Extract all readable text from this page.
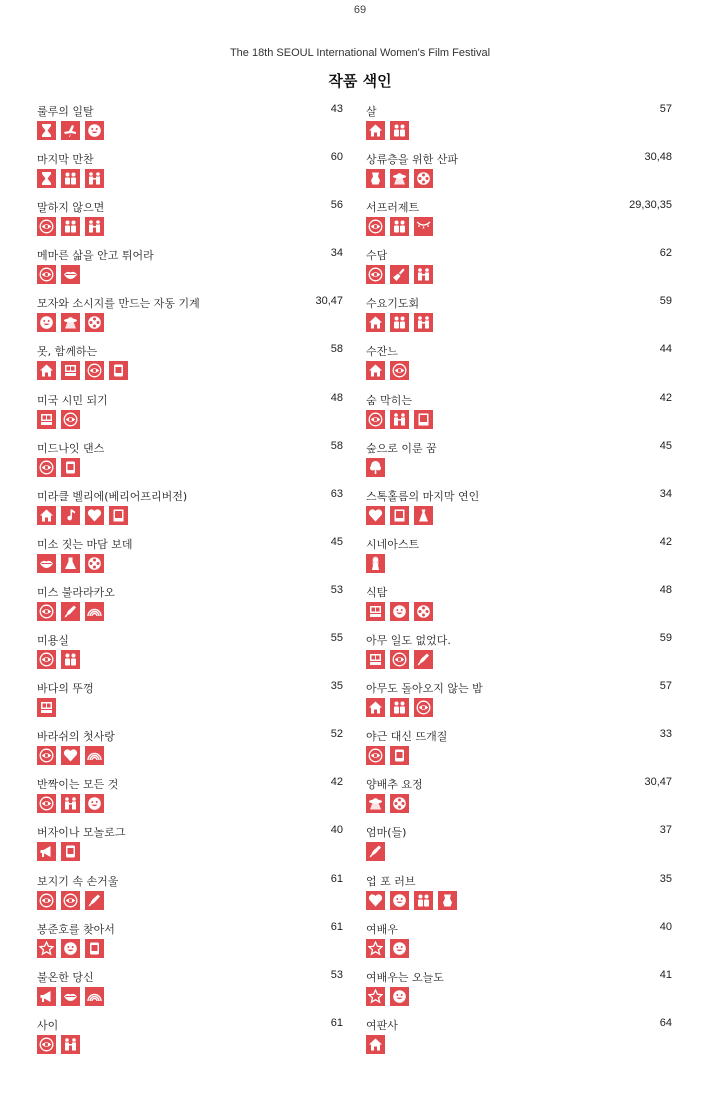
69
The 18th SEOUL International Women's Film Festival
작품 색인
룰루의 일탈	43
마지막 만찬	60
말하지 않으면	56
메마른 삶을 안고 튀어라	34
모자와 소시지를 만드는 자동 기계	30,47
못, 함께하는	58
미국 시민 되기	48
미드나잇 댄스	58
미라클 벨리에(베리어프리버전)	63
미소 짓는 마담 보데	45
미스 불라라카오	53
미용실	55
바다의 뚜껑	35
바라쉬의 첫사랑	52
반짝이는 모든 것	42
버자이나 모놀로그	40
보지기 속 손거울	61
봉준호를 찾아서	61
불온한 당신	53
사이	61
살	57
상류층을 위한 산파	30,48
서프러제트	29,30,35
수담	62
수요기도회	59
수잔느	44
숨 막히는	42
숲으로 이룬 꿈	45
스톡홀름의 마지막 연인	34
시네아스트	42
식탐	48
아무 일도 없었다.	59
아무도 돌아오지 않는 밤	57
야근 대신 뜨개질	33
양배추 요정	30,47
엄마(들)	37
업 포 러브	35
여배우	40
여배우는 오늘도	41
여판사	64
